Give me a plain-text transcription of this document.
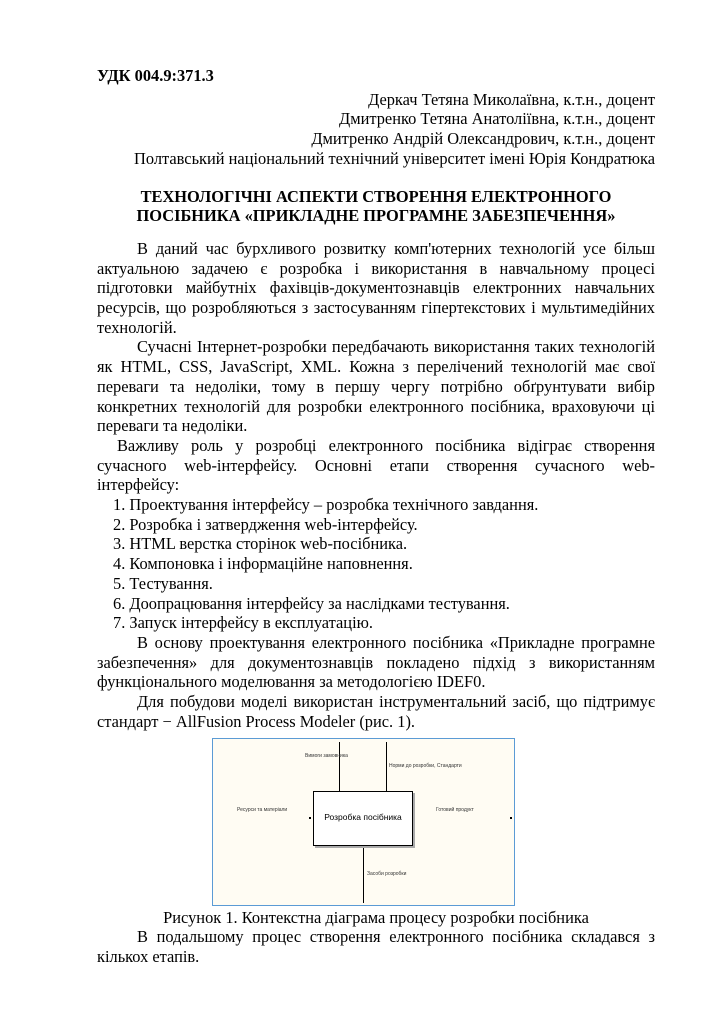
УДК 004.9:371.3
Деркач Тетяна Миколаївна, к.т.н., доцент
Дмитренко Тетяна Анатоліївна, к.т.н., доцент
Дмитренко Андрій Олександрович, к.т.н., доцент
Полтавський національний технічний університет імені Юрія Кондратюка
ТЕХНОЛОГІЧНІ АСПЕКТИ СТВОРЕННЯ ЕЛЕКТРОННОГО
ПОСІБНИКА «ПРИКЛАДНЕ ПРОГРАМНЕ ЗАБЕЗПЕЧЕННЯ»
В даний час бурхливого розвитку комп'ютерних технологій усе більш актуальною задачею є розробка і використання в навчальному процесі підготовки майбутніх фахівців-документознавців електронних навчальних ресурсів, що розробляються з застосуванням гіпертекстових і мультимедійних технологій.
Сучасні Інтернет-розробки передбачають використання таких технологій як HTML, CSS, JavaScript, XML. Кожна з перелічений технологій має свої переваги та недоліки, тому в першу чергу потрібно обґрунтувати вибір конкретних технологій для розробки електронного посібника, враховуючи ці переваги та недоліки.
Важливу роль у розробці електронного посібника відіграє створення сучасного web-інтерфейсу. Основні етапи створення сучасного web-інтерфейсу:
1. Проектування інтерфейсу – розробка технічного завдання.
2. Розробка і затвердження web-інтерфейсу.
3. HTML верстка сторінок web-посібника.
4. Компоновка і інформаційне наповнення.
5. Тестування.
6. Доопрацювання інтерфейсу за наслідками тестування.
7. Запуск інтерфейсу в експлуатацію.
В основу проектування електронного посібника «Прикладне програмне забезпечення» для документознавців покладено підхід з використанням функціонального моделювання за методологією IDEF0.
Для побудови моделі використан інструментальний засіб, що підтримує стандарт − AllFusion Process Modeler (рис. 1).
Вимоги замовника
Норми до розробки, Стандарти
Ресурси та матеріали	Готовий продукт
Засоби розробки
Розробка посібника
Рисунок 1. Контекстна діаграма процесу розробки посібника
В подальшому процес створення електронного посібника складався з кількох етапів.
